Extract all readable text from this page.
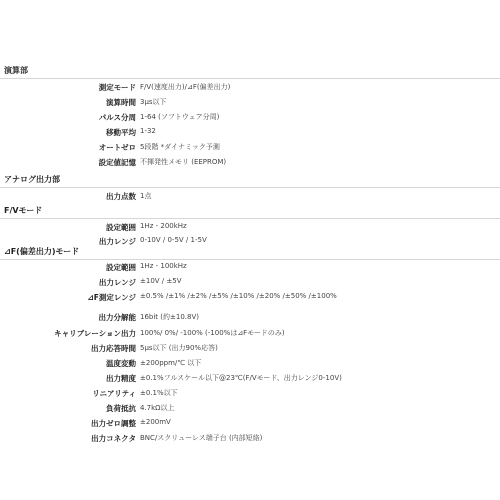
演算部
測定モード F/V(速度出力)/⊿F(偏差出力)
演算時間 3μs以下
パルス分周 1-64 (ソフトウェア分周)
移動平均 1-32
オートゼロ 5段階 *ダイナミック予測
設定値記憶 不揮発性メモリ (EEPROM)
アナログ出力部
出力点数 1点
F/Vモード
設定範囲 1Hz - 200kHz
出力レンジ 0-10V / 0-5V / 1-5V
⊿F(偏差出力)モード
設定範囲 1Hz - 100kHz
出力レンジ ±10V / ±5V
⊿F測定レンジ ±0.5% /±1% /±2% /±5% /±10% /±20% /±50% /±100%
出力分解能 16bit (約±10.8V)
キャリブレーション出力 100%/ 0%/ -100% (-100%は⊿Fモードのみ)
出力応答時間 5μs以下 (出力90%応答)
温度変動 ±200ppm/℃ 以下
出力精度 ±0.1%フルスケール以下@23℃(F/Vモード、出力レンジ0-10V)
リニアリティ ±0.1%以下
負荷抵抗 4.7kΩ以上
出力ゼロ調整 ±200mV
出力コネクタ BNC/スクリューレス端子台 (内部短絡)
